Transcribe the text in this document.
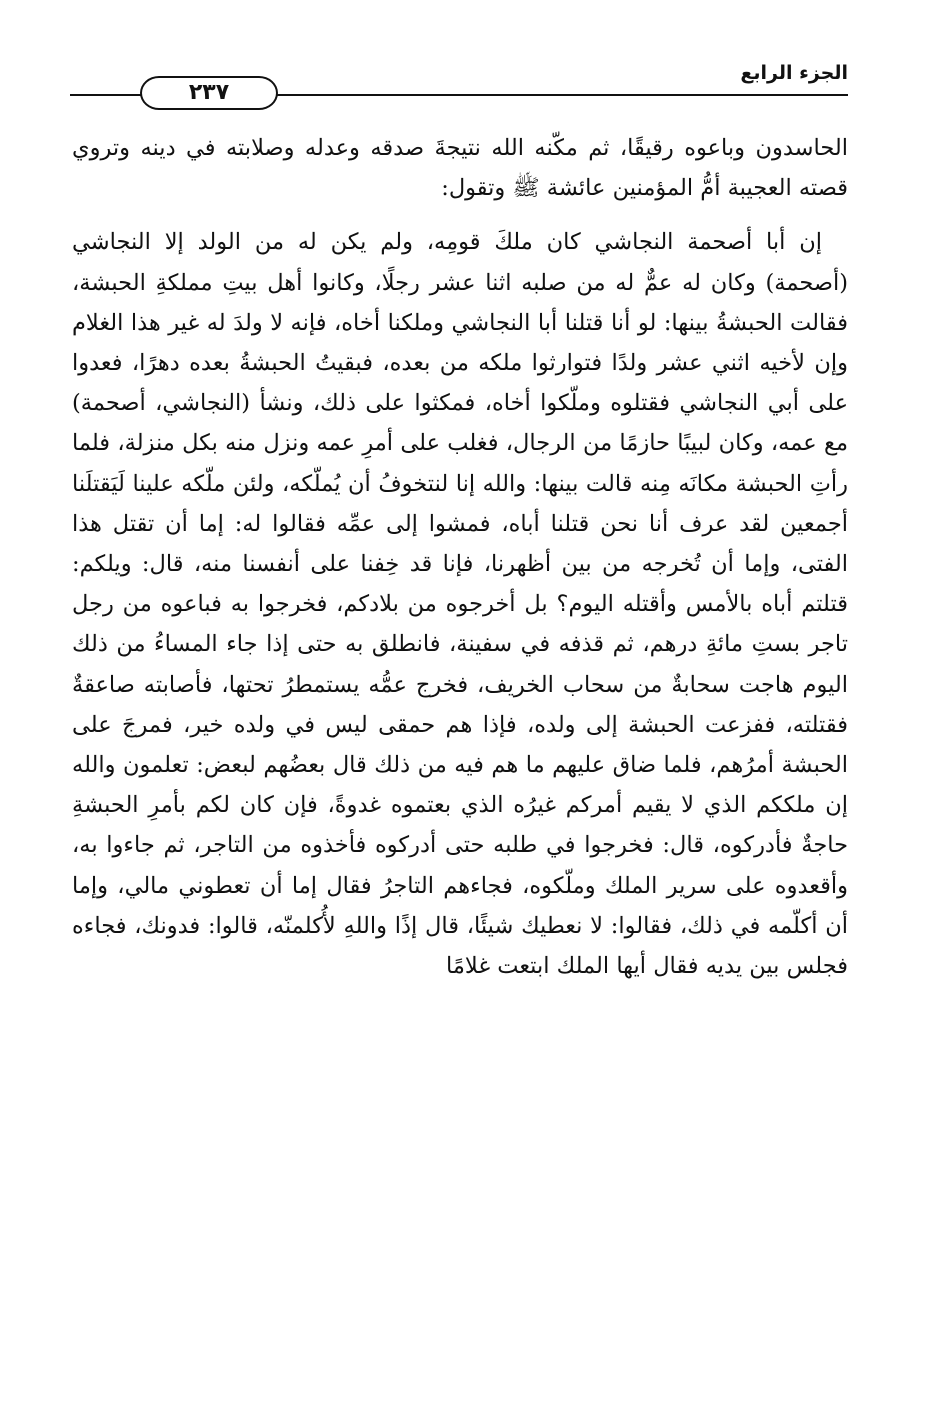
الجزء الرابع
٢٣٧

الحاسدون وباعوه رقيقًا، ثم مكّنه الله نتيجةَ صدقه وعدله وصلابته في دينه وتروي قصته العجيبة أمُّ المؤمنين عائشة ﷺ وتقول:

إن أبا أصحمة النجاشي كان ملكَ قومِه، ولم يكن له من الولد إلا النجاشي (أصحمة) وكان له عمٌّ له من صلبه اثنا عشر رجلًا، وكانوا أهل بيتِ مملكةِ الحبشة، فقالت الحبشةُ بينها: لو أنا قتلنا أبا النجاشي وملكنا أخاه، فإنه لا ولدَ له غير هذا الغلام وإن لأخيه اثني عشر ولدًا فتوارثوا ملكه من بعده، فبقيتُ الحبشةُ بعده دهرًا، فعدوا على أبي النجاشي فقتلوه وملّكوا أخاه، فمكثوا على ذلك، ونشأ (النجاشي، أصحمة) مع عمه، وكان لبيبًا حازمًا من الرجال، فغلب على أمرِ عمه ونزل منه بكل منزلة، فلما رأتِ الحبشة مكانَه مِنه قالت بينها: والله إنا لنتخوفُ أن يُملّكه، ولئن ملّكه علينا لَيَقتلَنا أجمعين لقد عرف أنا نحن قتلنا أباه، فمشوا إلى عمِّه فقالوا له: إما أن تقتل هذا الفتى، وإما أن تُخرجه من بين أظهرنا، فإنا قد خِفنا على أنفسنا منه، قال: ويلكم: قتلتم أباه بالأمس وأقتله اليوم؟ بل أخرجوه من بلادكم، فخرجوا به فباعوه من رجل تاجر بستِ مائةِ درهم، ثم قذفه في سفينة، فانطلق به حتى إذا جاء المساءُ من ذلك اليوم هاجت سحابةٌ من سحاب الخريف، فخرج عمُّه يستمطرُ تحتها، فأصابته صاعقةٌ فقتلته، ففزعت الحبشة إلى ولده، فإذا هم حمقى ليس في ولده خير، فمرجَ على الحبشة أمرُهم، فلما ضاق عليهم ما هم فيه من ذلك قال بعضُهم لبعض: تعلمون والله إن ملككم الذي لا يقيم أمركم غيرُه الذي بعتموه غدوةً، فإن كان لكم بأمرِ الحبشةِ حاجةٌ فأدركوه، قال: فخرجوا في طلبه حتى أدركوه فأخذوه من التاجر، ثم جاءوا به، وأقعدوه على سرير الملك وملّكوه، فجاءهم التاجرُ فقال إما أن تعطوني مالي، وإما أن أكلّمه في ذلك، فقالوا: لا نعطيك شيئًا، قال إذًا واللهِ لأُكلمنّه، قالوا: فدونك، فجاءه فجلس بين يديه فقال أيها الملك ابتعت غلامًا
